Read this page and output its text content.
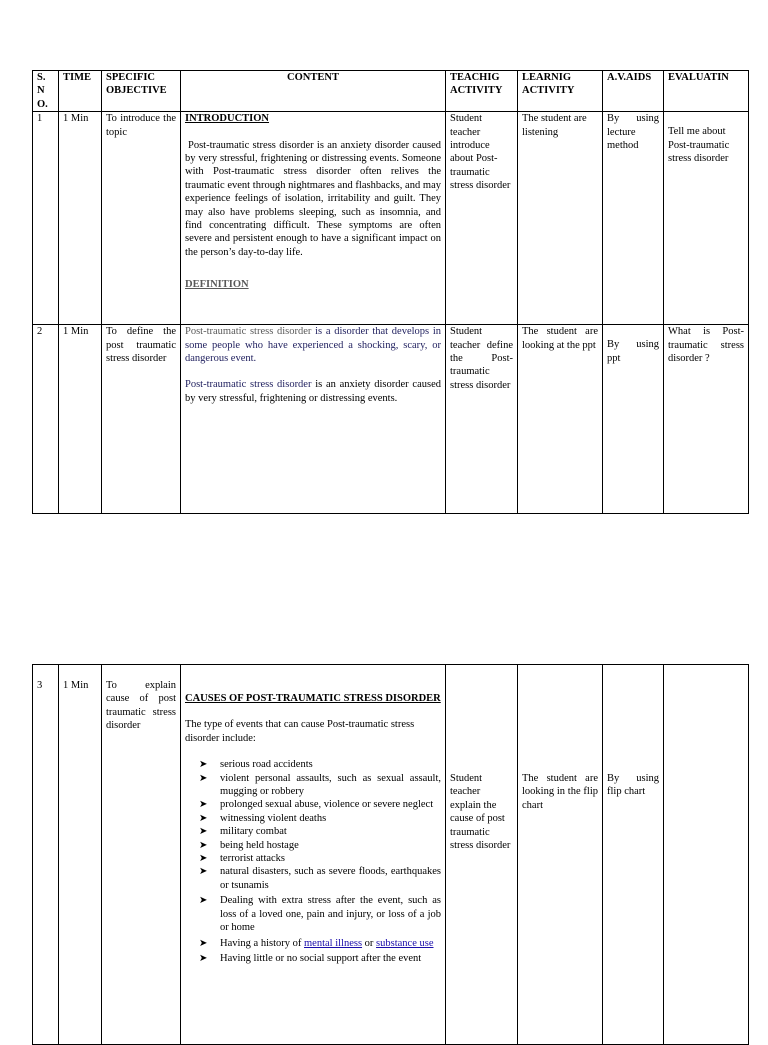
S. N O.	TIME	SPECIFIC OBJECTIVE	CONTENT	TEACHIG ACTIVITY	LEARNIG ACTIVITY	A.V.AIDS	EVALUATIN
1	1 Min	To introduce the topic	INTRODUCTION

Post-traumatic stress disorder is an anxiety disorder caused by very stressful, frightening or distressing events. Someone with Post-traumatic stress disorder often relives the traumatic event through nightmares and flashbacks, and may experience feelings of isolation, irritability and guilt. They may also have problems sleeping, such as insomnia, and find concentrating difficult. These symptoms are often severe and persistent enough to have a significant impact on the person’s day-to-day life.

DEFINITION	Student teacher introduce about Post-traumatic stress disorder	The student are listening	By using lecture method	Tell me about Post-traumatic stress disorder

2	1 Min	To define the post traumatic stress disorder	Post-traumatic stress disorder is a disorder that develops in some people who have experienced a shocking, scary, or dangerous event.

Post-traumatic stress disorder is an anxiety disorder caused by very stressful, frightening or distressing events.	Student teacher define the Post-traumatic stress disorder	The student are looking at the ppt	By using ppt	What is Post-traumatic stress disorder ?
3	1 Min	To explain cause of post traumatic stress disorder	

CAUSES OF POST-TRAUMATIC STRESS DISORDER

The type of events that can cause Post-traumatic stress disorder include:

➤ serious road accidents
➤ violent personal assaults, such as sexual assault, mugging or robbery
➤ prolonged sexual abuse, violence or severe neglect
➤ witnessing violent deaths
➤ military combat
➤ being held hostage
➤ terrorist attacks
➤ natural disasters, such as severe floods, earthquakes or tsunamis
➤ Dealing with extra stress after the event, such as loss of a loved one, pain and injury, or loss of a job or home
➤ Having a history of mental illness or substance use
➤ Having little or no social support after the event
	Student teacher explain the cause of post traumatic stress disorder	The student are looking in the flip chart	By using flip chart	
